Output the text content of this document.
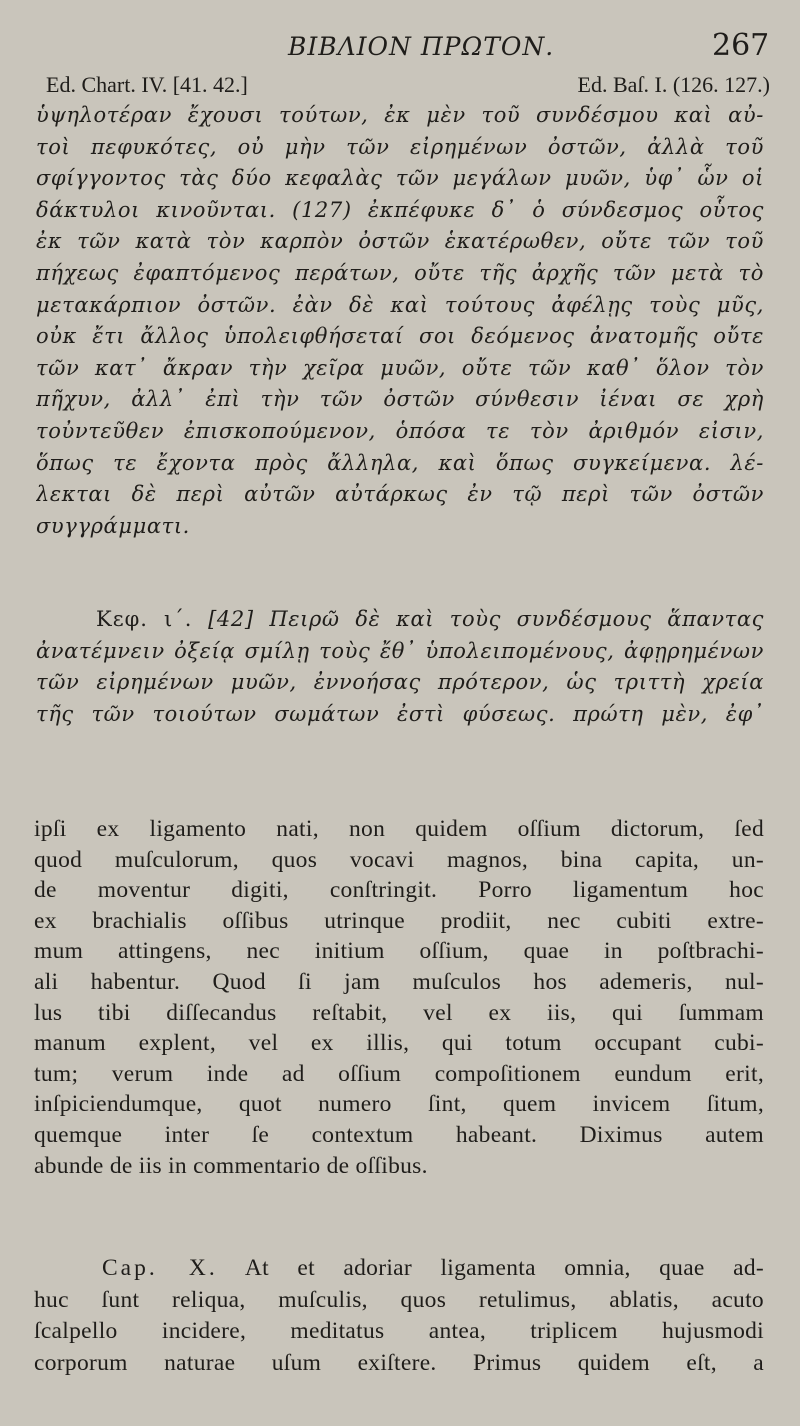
ΒΙΒΛΙΟΝ ΠΡΩΤΟΝ.	267
Ed. Chart. IV. [41. 42.]	Ed. Baſ. I. (126. 127.)
ὑψηλοτέραν ἔχουσι τούτων, ἐκ μὲν τοῦ συνδέσμου καὶ αὐ-
τοὶ πεφυκότες, οὐ μὴν τῶν εἰρημένων ὀστῶν, ἀλλὰ τοῦ
σφίγγοντος τὰς δύο κεφαλὰς τῶν μεγάλων μυῶν, ὑφ᾽ ὧν οἱ
δάκτυλοι κινοῦνται. (127) ἐκπέφυκε δ᾽ ὁ σύνδεσμος οὗτος
ἐκ τῶν κατὰ τὸν καρπὸν ὀστῶν ἑκατέρωθεν, οὔτε τῶν τοῦ
πήχεως ἐφαπτόμενος περάτων, οὔτε τῆς ἀρχῆς τῶν μετὰ τὸ
μετακάρπιον ὀστῶν. ἐὰν δὲ καὶ τούτους ἀφέλῃς τοὺς μῦς,
οὐκ ἔτι ἄλλος ὑπολειφθήσεταί σοι δεόμενος ἀνατομῆς οὔτε
τῶν κατ᾽ ἄκραν τὴν χεῖρα μυῶν, οὔτε τῶν καθ᾽ ὅλον τὸν
πῆχυν, ἀλλ᾽ ἐπὶ τὴν τῶν ὀστῶν σύνθεσιν ἰέναι σε χρὴ
τοὐντεῦθεν ἐπισκοπούμενον, ὁπόσα τε τὸν ἀριθμόν εἰσιν,
ὅπως τε ἔχοντα πρὸς ἄλληλα, καὶ ὅπως συγκείμενα. λέ-
λεκται δὲ περὶ αὐτῶν αὐτάρκως ἐν τῷ περὶ τῶν ὀστῶν
συγγράμματι.
Κεφ. ι΄. [42] Πειρῶ δὲ καὶ τοὺς συνδέσμους ἅπαντας
ἀνατέμνειν ὀξείᾳ σμίλῃ τοὺς ἔθ᾽ ὑπολειπομένους, ἀφῃρημένων
τῶν εἰρημένων μυῶν, ἐννοήσας πρότερον, ὡς τριττὴ χρεία
τῆς τῶν τοιούτων σωμάτων ἐστὶ φύσεως. πρώτη μὲν, ἐφ᾽
ipſi ex ligamento nati, non quidem oſſium dictorum, ſed
quod muſculorum, quos vocavi magnos, bina capita, un-
de moventur digiti, conſtringit. Porro ligamentum hoc
ex brachialis oſſibus utrinque prodiit, nec cubiti extre-
mum attingens, nec initium oſſium, quae in poſtbrachi-
ali habentur. Quod ſi jam muſculos hos ademeris, nul-
lus tibi diſſecandus reſtabit, vel ex iis, qui ſummam
manum explent, vel ex illis, qui totum occupant cubi-
tum; verum inde ad oſſium compoſitionem eundum erit,
inſpiciendumque, quot numero ſint, quem invicem ſitum,
quemque inter ſe contextum habeant. Diximus autem
abunde de iis in commentario de oſſibus.
Cap. X. At et adoriar ligamenta omnia, quae ad-
huc ſunt reliqua, muſculis, quos retulimus, ablatis, acuto
ſcalpello incidere, meditatus antea, triplicem hujusmodi
corporum naturae uſum exiſtere. Primus quidem eſt, a
